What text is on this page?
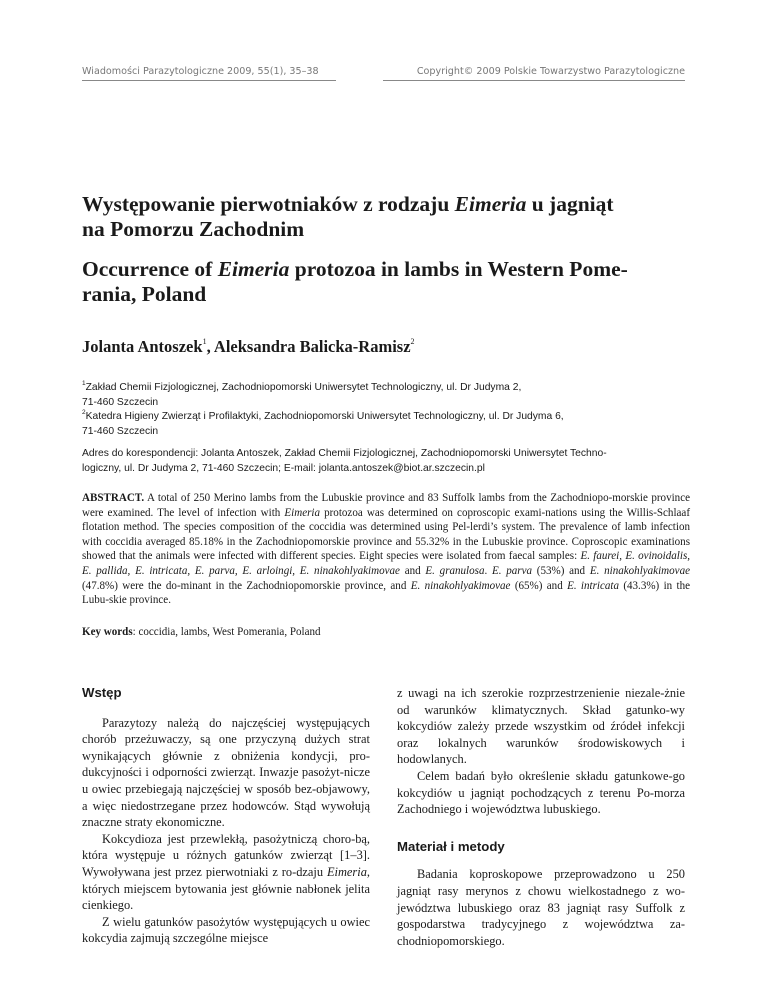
Wiadomości Parazytologiczne 2009, 55(1), 35–38	Copyright© 2009 Polskie Towarzystwo Parazytologiczne
Występowanie pierwotniaków z rodzaju Eimeria u jagniąt
na Pomorzu Zachodnim
Occurrence of Eimeria protozoa in lambs in Western Pome-
rania, Poland
Jolanta Antoszek$^1$, Aleksandra Balicka-Ramisz$^2$
$^1$Zakład Chemii Fizjologicznej, Zachodniopomorski Uniwersytet Technologiczny, ul. Dr Judyma 2,
71-460 Szczecin
$^2$Katedra Higieny Zwierząt i Profilaktyki, Zachodniopomorski Uniwersytet Technologiczny, ul. Dr Judyma 6,
71-460 Szczecin
Adres do korespondencji: Jolanta Antoszek, Zakład Chemii Fizjologicznej, Zachodniopomorski Uniwersytet Techno-
logiczny, ul. Dr Judyma 2, 71-460 Szczecin; E-mail: jolanta.antoszek@biot.ar.szczecin.pl
ABSTRACT. A total of 250 Merino lambs from the Lubuskie province and 83 Suffolk lambs from the Zachodniopo-morskie province were examined. The level of infection with Eimeria protozoa was determined on coproscopic exami-nations using the Willis-Schlaaf flotation method. The species composition of the coccidia was determined using Pel-lerdi’s system. The prevalence of lamb infection with coccidia averaged 85.18% in the Zachodniopomorskie province and 55.32% in the Lubuskie province. Coproscopic examinations showed that the animals were infected with different species. Eight species were isolated from faecal samples: E. faurei, E. ovinoidalis, E. pallida, E. intricata, E. parva, E. arloingi, E. ninakohlyakimovae and E. granulosa. E. parva (53%) and E. ninakohlyakimovae (47.8%) were the do-minant in the Zachodniopomorskie province, and E. ninakohlyakimovae (65%) and E. intricata (43.3%) in the Lubu-skie province.
Key words: coccidia, lambs, West Pomerania, Poland
Wstęp

Parazytozy należą do najczęściej występujących chorób przeżuwaczy, są one przyczyną dużych strat wynikających głównie z obniżenia kondycji, pro-dukcyjności i odporności zwierząt. Inwazje pasożyt-nicze u owiec przebiegają najczęściej w sposób bez-objawowy, a więc niedostrzegane przez hodowców. Stąd wywołują znaczne straty ekonomiczne.

Kokcydioza jest przewlekłą, pasożytniczą choro-bą, która występuje u różnych gatunków zwierząt [1–3]. Wywoływana jest przez pierwotniaki z ro-dzaju Eimeria, których miejscem bytowania jest głównie nabłonek jelita cienkiego.

Z wielu gatunków pasożytów występujących u owiec kokcydia zajmują szczególne miejsce

z uwagi na ich szerokie rozprzestrzenienie niezale-żnie od warunków klimatycznych. Skład gatunko-wy kokcydiów zależy przede wszystkim od źródeł infekcji oraz lokalnych warunków środowiskowych i hodowlanych.

Celem badań było określenie składu gatunkowe-go kokcydiów u jagniąt pochodzących z terenu Po-morza Zachodniego i województwa lubuskiego.

Materiał i metody

Badania koproskopowe przeprowadzono u 250 jagniąt rasy merynos z chowu wielkostadnego z wo-jewództwa lubuskiego oraz 83 jagniąt rasy Suffolk z gospodarstwa tradycyjnego z województwa za-chodniopomorskiego.
